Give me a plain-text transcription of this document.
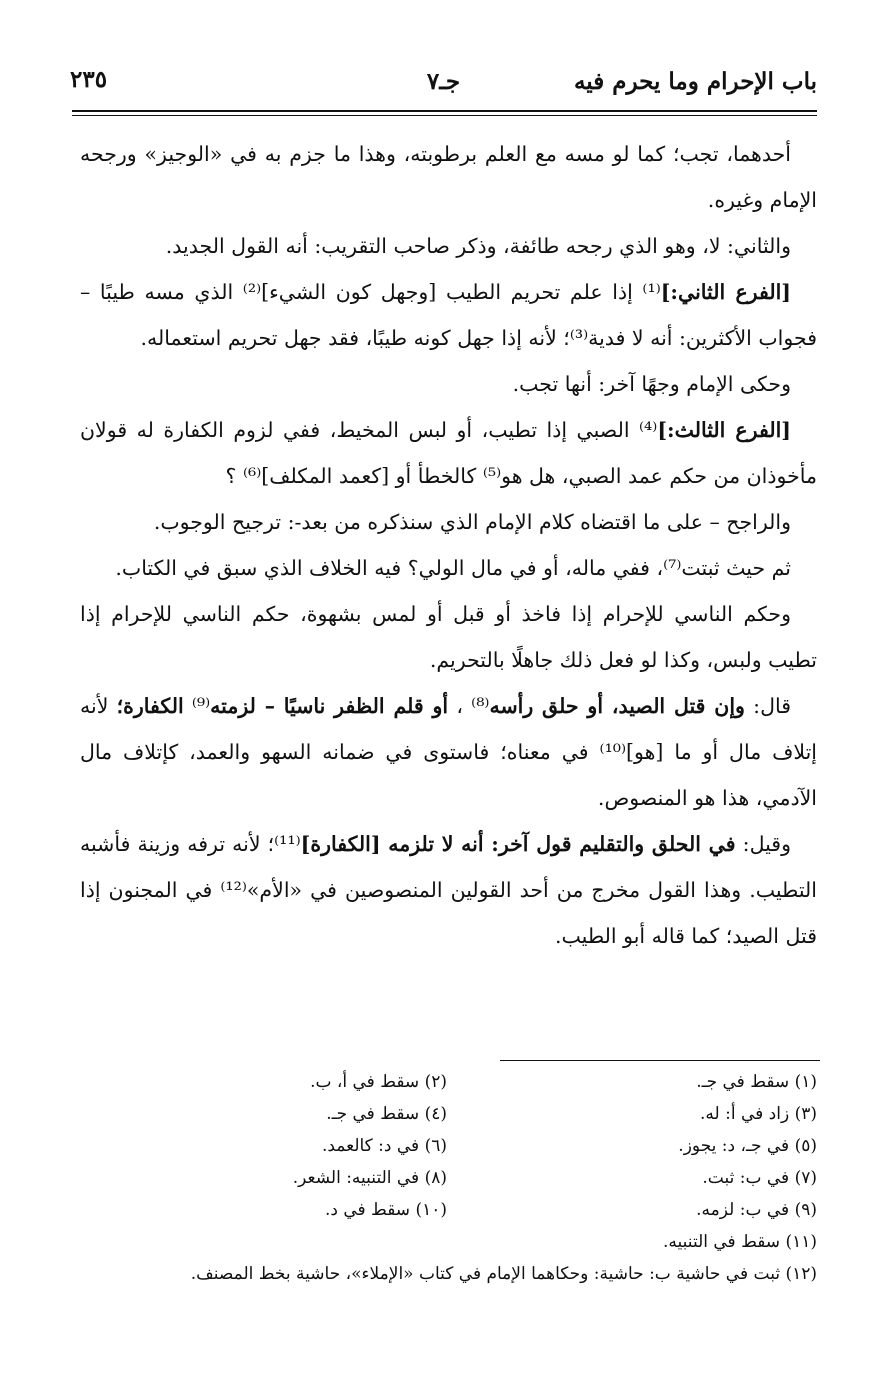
باب الإحرام وما يحرم فيه
جـ٧
٢٣٥

أحدهما، تجب؛ كما لو مسه مع العلم برطوبته، وهذا ما جزم به في «الوجيز» ورجحه الإمام وغيره.

والثاني: لا، وهو الذي رجحه طائفة، وذكر صاحب التقريب: أنه القول الجديد.

[الفرع الثاني:]⁽¹⁾ إذا علم تحريم الطيب [وجهل كون الشيء]⁽²⁾ الذي مسه طيبًا – فجواب الأكثرين: أنه لا فدية⁽³⁾؛ لأنه إذا جهل كونه طيبًا، فقد جهل تحريم استعماله.

وحكى الإمام وجهًا آخر: أنها تجب.

[الفرع الثالث:]⁽⁴⁾ الصبي إذا تطيب، أو لبس المخيط، ففي لزوم الكفارة له قولان مأخوذان من حكم عمد الصبي، هل هو⁽⁵⁾ كالخطأ أو [كعمد المكلف]⁽⁶⁾ ؟

والراجح – على ما اقتضاه كلام الإمام الذي سنذكره من بعد-: ترجيح الوجوب.

ثم حيث ثبتت⁽⁷⁾، ففي ماله، أو في مال الولي؟ فيه الخلاف الذي سبق في الكتاب.

وحكم الناسي للإحرام إذا فاخذ أو قبل أو لمس بشهوة، حكم الناسي للإحرام إذا تطيب ولبس، وكذا لو فعل ذلك جاهلًا بالتحريم.

قال: وإن قتل الصيد، أو حلق رأسه⁽⁸⁾ ، أو قلم الظفر ناسيًا – لزمته⁽⁹⁾ الكفارة؛ لأنه إتلاف مال أو ما [هو]⁽¹⁰⁾ في معناه؛ فاستوى في ضمانه السهو والعمد، كإتلاف مال الآدمي، هذا هو المنصوص.

وقيل: في الحلق والتقليم قول آخر: أنه لا تلزمه [الكفارة]⁽¹¹⁾؛ لأنه ترفه وزينة فأشبه التطيب. وهذا القول مخرج من أحد القولين المنصوصين في «الأم»⁽¹²⁾ في المجنون إذا قتل الصيد؛ كما قاله أبو الطيب.

(١) سقط في جـ.
(٢) سقط في أ، ب.
(٣) زاد في أ: له.
(٤) سقط في جـ.
(٥) في جـ، د: يجوز.
(٦) في د: كالعمد.
(٧) في ب: ثبت.
(٨) في التنبيه: الشعر.
(٩) في ب: لزمه.
(١٠) سقط في د.
(١١) سقط في التنبيه.
(١٢) ثبت في حاشية ب: حاشية: وحكاهما الإمام في كتاب «الإملاء»، حاشية بخط المصنف.
